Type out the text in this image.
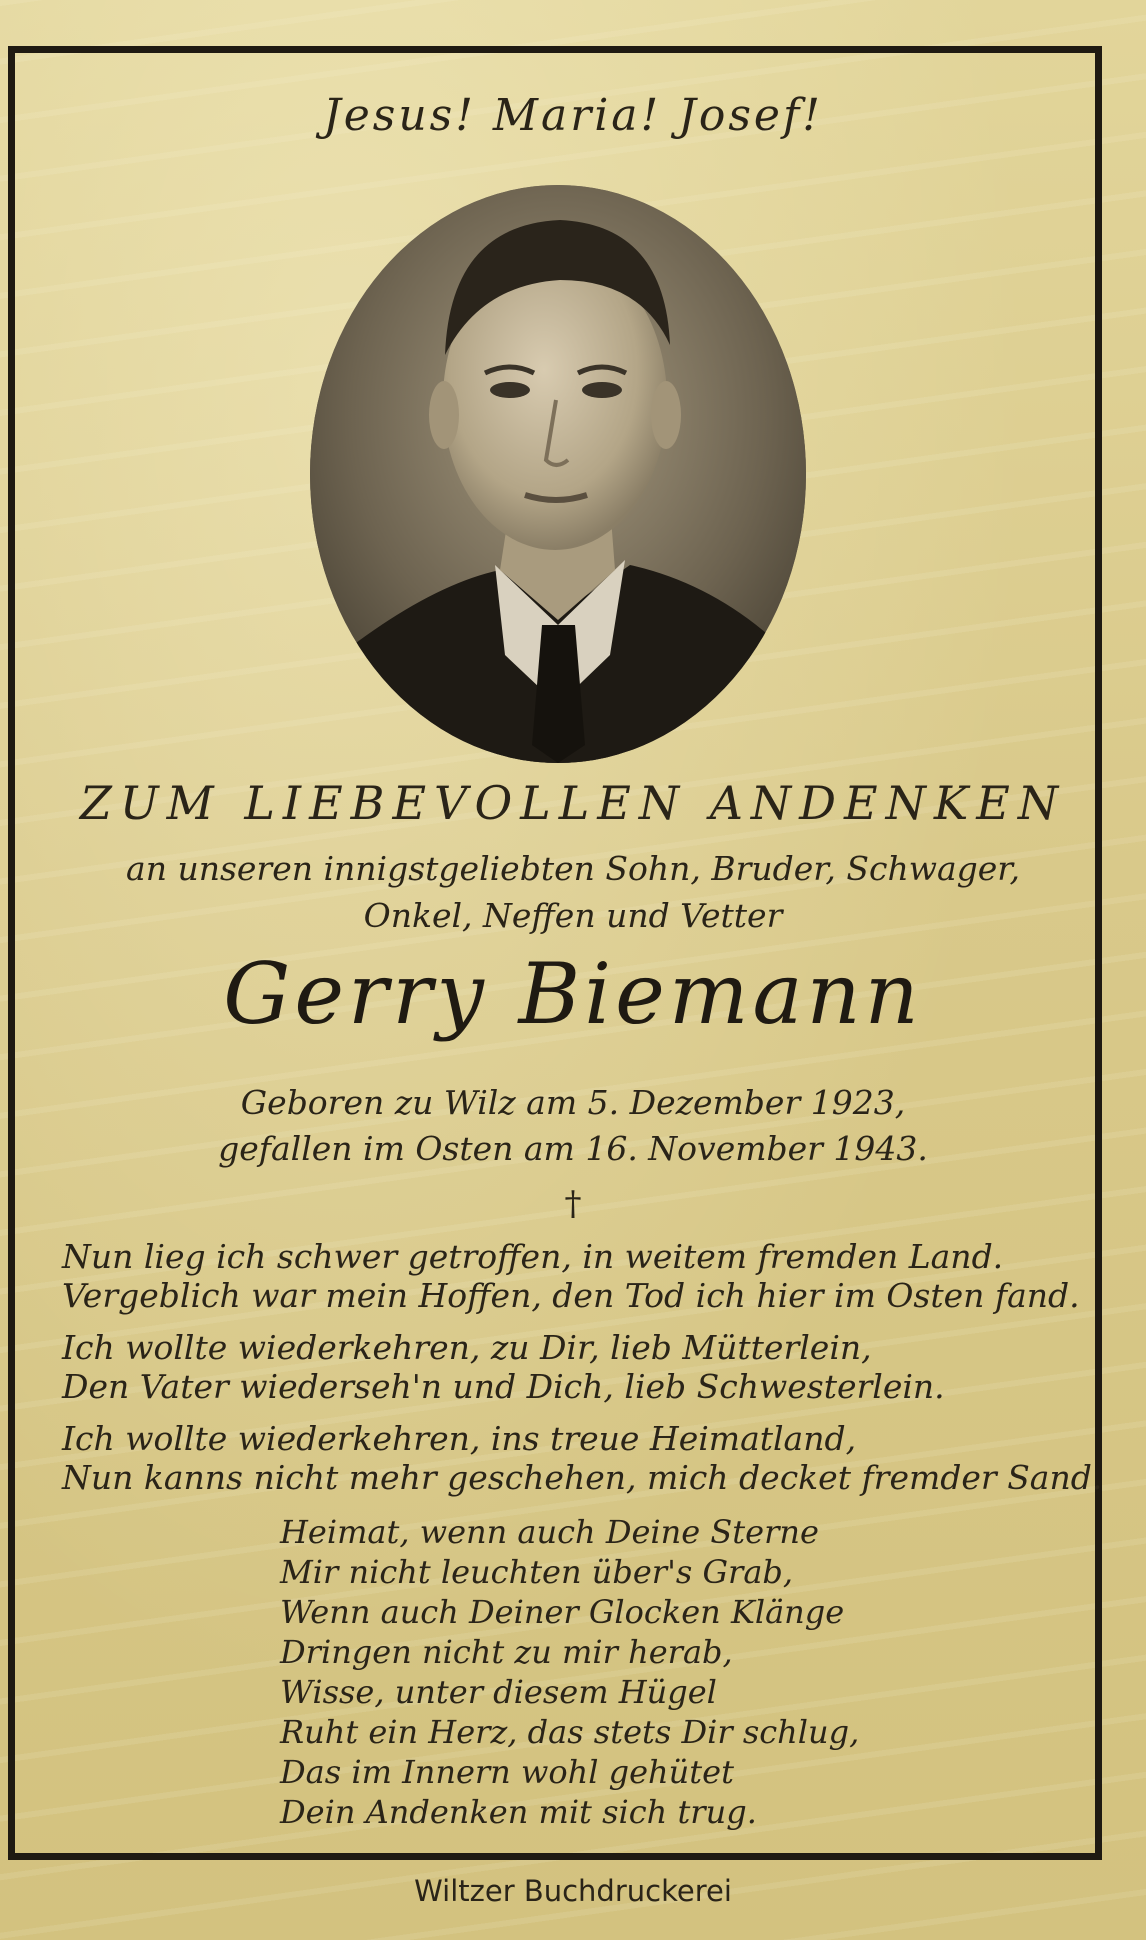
Jesus! Maria! Josef!
ZUM LIEBEVOLLEN ANDENKEN
an unseren innigstgeliebten Sohn, Bruder, Schwager,
Onkel, Neffen und Vetter
Gerry Biemann
Geboren zu Wilz am 5. Dezember 1923,
gefallen im Osten am 16. November 1943.
†
Nun lieg ich schwer getroffen, in weitem fremden Land.
Vergeblich war mein Hoffen, den Tod ich hier im Osten fand.
Ich wollte wiederkehren, zu Dir, lieb Mütterlein,
Den Vater wiederseh'n und Dich, lieb Schwesterlein.
Ich wollte wiederkehren, ins treue Heimatland,
Nun kanns nicht mehr geschehen, mich decket fremder Sand.
Heimat, wenn auch Deine Sterne
Mir nicht leuchten über's Grab,
Wenn auch Deiner Glocken Klänge
Dringen nicht zu mir herab,
Wisse, unter diesem Hügel
Ruht ein Herz, das stets Dir schlug,
Das im Innern wohl gehütet
Dein Andenken mit sich trug.
Wiltzer Buchdruckerei
